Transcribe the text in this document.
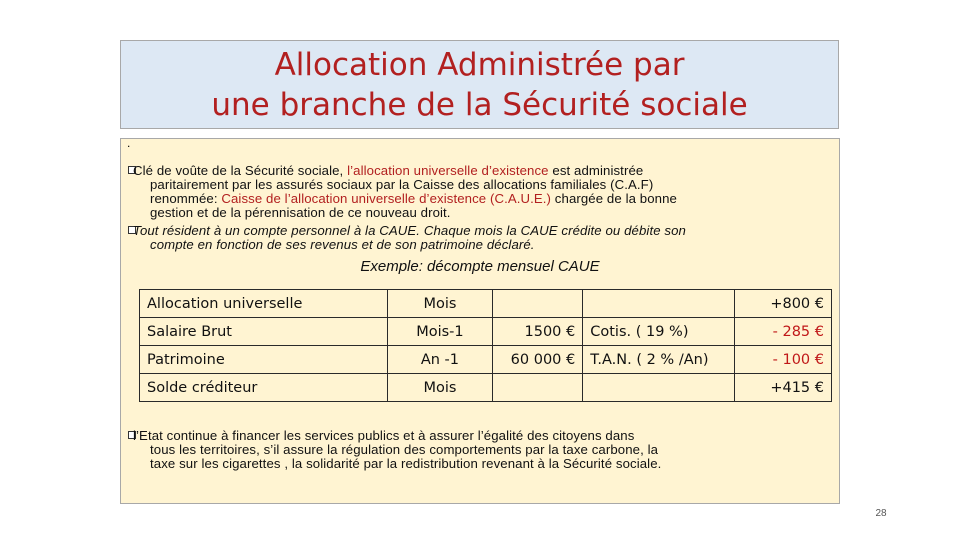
Allocation Administrée par
une branche de la Sécurité sociale
.
Clé de voûte de la Sécurité sociale, l’allocation universelle d’existence est administrée
paritairement par les assurés sociaux par la Caisse des allocations familiales (C.A.F)
renommée: Caisse de l’allocation universelle d’existence (C.A.U.E.) chargée de la bonne
gestion et de la pérennisation de ce nouveau droit.
Tout résident à un compte personnel à la CAUE. Chaque mois la CAUE crédite ou débite son
compte en fonction de ses revenus et de son patrimoine déclaré.
Exemple: décompte mensuel CAUE
Allocation universelle	Mois			+800 €
Salaire Brut	Mois-1	1500 €	Cotis. ( 19 %)	- 285 €
Patrimoine	An -1	60 000 €	T.A.N. ( 2 % /An)	- 100 €
Solde créditeur	Mois			+415 €
l’Etat continue à financer les services publics et à assurer l’égalité des citoyens dans
tous les territoires, s’il assure la régulation des comportements par la taxe carbone, la
taxe sur les cigarettes , la solidarité par la redistribution revenant à la Sécurité sociale.
28
